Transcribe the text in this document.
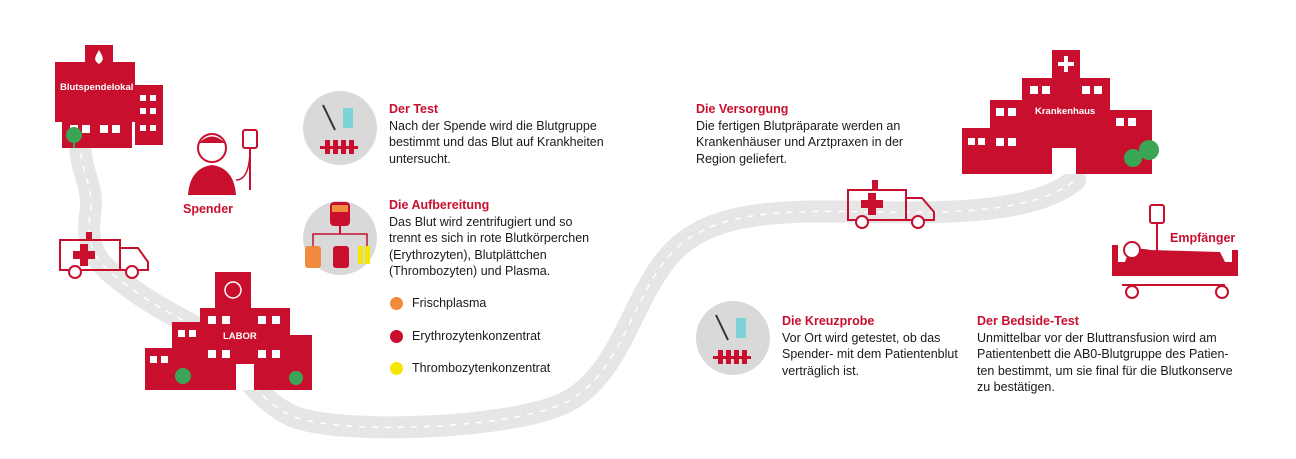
Blutspendelokal
Spender
LABOR
Krankenhaus
Empfänger
Der Test

Nach der Spende wird die Blutgruppe

bestimmt und das Blut auf Krankheiten

untersucht.

Die Aufbereitung

Das Blut wird zentrifugiert und so

trennt es sich in rote Blutkörperchen

(Erythrozyten), Blutplättchen

(Thrombozyten) und Plasma.

Frischplasma
Erythrozytenkonzentrat
Thrombozytenkonzentrat
Die Versorgung

Die fertigen Blutpräparate werden an

Krankenhäuser und Arztpraxen in der

Region geliefert.

Die Kreuzprobe

Vor Ort wird getestet, ob das

Spender- mit dem Patientenblut

verträglich ist.

Der Bedside-Test

Unmittelbar vor der Bluttransfusion wird am

Patientenbett die AB0-Blutgruppe des Patien-

ten bestimmt, um sie final für die Blutkonserve

zu bestätigen.
